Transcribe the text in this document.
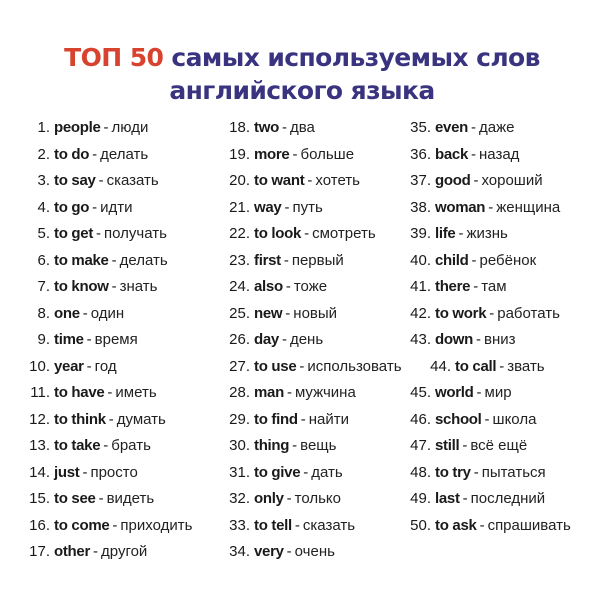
ТОП 50 самых используемых слов
английского языка
1. people - люди
2. to do - делать
3. to say - сказать
4. to go - идти
5. to get - получать
6. to make - делать
7. to know - знать
8. one - один
9. time - время
10. year - год
11. to have - иметь
12. to think - думать
13. to take - брать
14. just - просто
15. to see - видеть
16. to come - приходить
17. other - другой
18. two - два
19. more - больше
20. to want - хотеть
21. way - путь
22. to look - смотреть
23. first - первый
24. also - тоже
25. new - новый
26. day - день
27. to use - использовать
28. man - мужчина
29. to find - найти
30. thing - вещь
31. to give - дать
32. only - только
33. to tell - сказать
34. very - очень
35. even - даже
36. back - назад
37. good - хороший
38. woman - женщина
39. life - жизнь
40. child - ребёнок
41. there - там
42. to work - работать
43. down - вниз
44. to call - звать
45. world - мир
46. school - школа
47. still - всё ещё
48. to try - пытаться
49. last - последний
50. to ask - спрашивать
